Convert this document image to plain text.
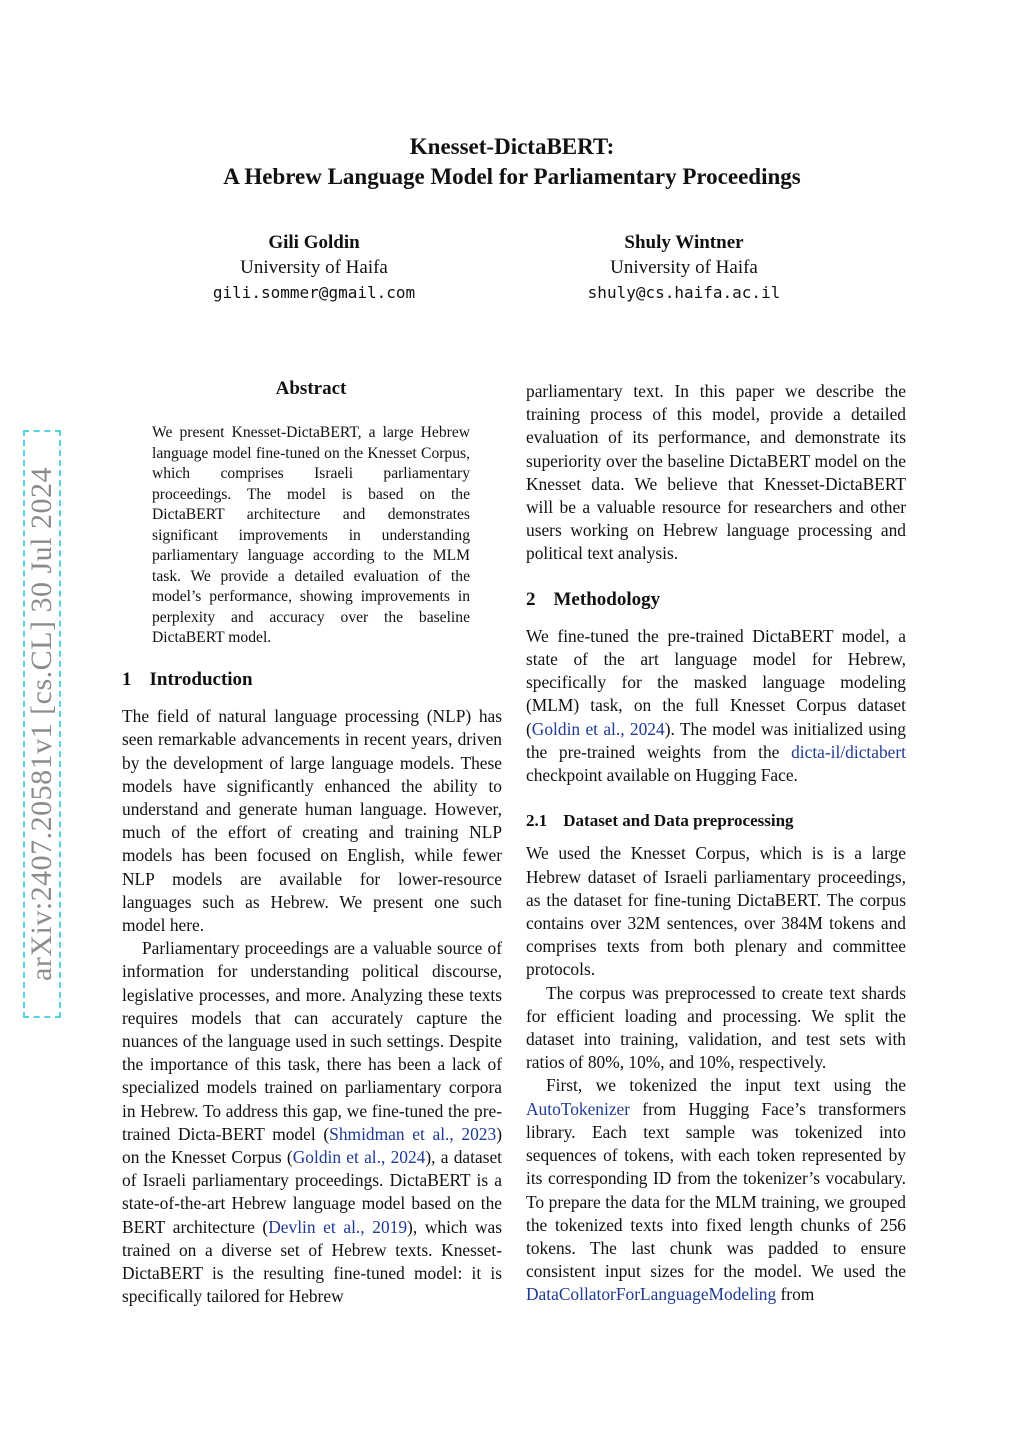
Knesset-DictaBERT:
A Hebrew Language Model for Parliamentary Proceedings
Gili Goldin
University of Haifa
gili.sommer@gmail.com
Shuly Wintner
University of Haifa
shuly@cs.haifa.ac.il
arXiv:2407.20581v1 [cs.CL] 30 Jul 2024
Abstract
We present Knesset-DictaBERT, a large Hebrew language model fine-tuned on the Knesset Corpus, which comprises Israeli parliamentary proceedings. The model is based on the DictaBERT architecture and demonstrates significant improvements in understanding parliamentary language according to the MLM task. We provide a detailed evaluation of the model’s performance, showing improvements in perplexity and accuracy over the baseline DictaBERT model.
1 Introduction

The field of natural language processing (NLP) has seen remarkable advancements in recent years, driven by the development of large language models. These models have significantly enhanced the ability to understand and generate human language. However, much of the effort of creating and training NLP models has been focused on English, while fewer NLP models are available for lower-resource languages such as Hebrew. We present one such model here.

Parliamentary proceedings are a valuable source of information for understanding political discourse, legislative processes, and more. Analyzing these texts requires models that can accurately capture the nuances of the language used in such settings. Despite the importance of this task, there has been a lack of specialized models trained on parliamentary corpora in Hebrew. To address this gap, we fine-tuned the pre-trained Dicta-BERT model (Shmidman et al., 2023) on the Knesset Corpus (Goldin et al., 2024), a dataset of Israeli parliamentary proceedings. DictaBERT is a state-of-the-art Hebrew language model based on the BERT architecture (Devlin et al., 2019), which was trained on a diverse set of Hebrew texts. Knesset-DictaBERT is the resulting fine-tuned model: it is specifically tailored for Hebrew

parliamentary text. In this paper we describe the training process of this model, provide a detailed evaluation of its performance, and demonstrate its superiority over the baseline DictaBERT model on the Knesset data. We believe that Knesset-DictaBERT will be a valuable resource for researchers and other users working on Hebrew language processing and political text analysis.

2 Methodology

We fine-tuned the pre-trained DictaBERT model, a state of the art language model for Hebrew, specifically for the masked language modeling (MLM) task, on the full Knesset Corpus dataset (Goldin et al., 2024). The model was initialized using the pre-trained weights from the dicta-il/dictabert checkpoint available on Hugging Face.

2.1 Dataset and Data preprocessing

We used the Knesset Corpus, which is is a large Hebrew dataset of Israeli parliamentary proceedings, as the dataset for fine-tuning DictaBERT. The corpus contains over 32M sentences, over 384M tokens and comprises texts from both plenary and committee protocols.

The corpus was preprocessed to create text shards for efficient loading and processing. We split the dataset into training, validation, and test sets with ratios of 80%, 10%, and 10%, respectively.

First, we tokenized the input text using the AutoTokenizer from Hugging Face’s transformers library. Each text sample was tokenized into sequences of tokens, with each token represented by its corresponding ID from the tokenizer’s vocabulary. To prepare the data for the MLM training, we grouped the tokenized texts into fixed length chunks of 256 tokens. The last chunk was padded to ensure consistent input sizes for the model. We used the DataCollatorForLanguageModeling from
